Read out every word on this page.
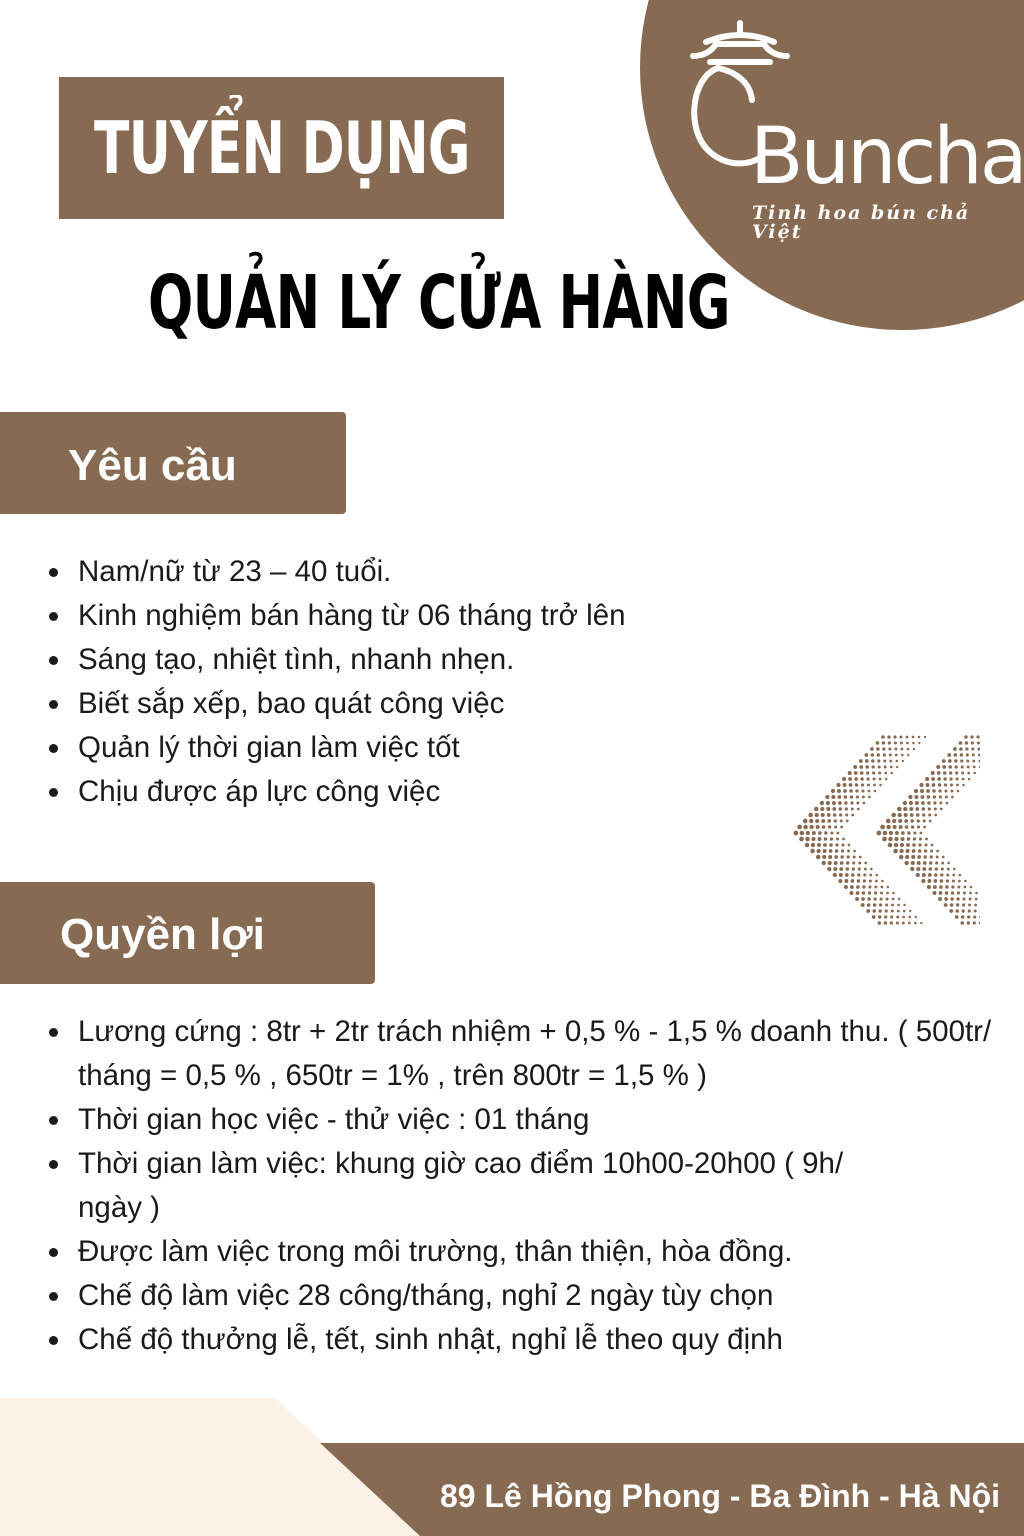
Buncha
Tinh hoa bún chả Việt
TUYỂN DỤNG
QUẢN LÝ CỬA HÀNG
Yêu cầu
Nam/nữ từ 23 – 40 tuổi.
Kinh nghiệm bán hàng từ 06 tháng trở lên
Sáng tạo, nhiệt tình, nhanh nhẹn.
Biết sắp xếp, bao quát công việc
Quản lý thời gian làm việc tốt
Chịu được áp lực công việc
Quyền lợi
Lương cứng : 8tr + 2tr trách nhiệm + 0,5 % - 1,5 % doanh thu. ( 500tr/ tháng = 0,5 % , 650tr = 1% , trên 800tr = 1,5 % )
Thời gian học việc - thử việc : 01 tháng
Thời gian làm việc: khung giờ cao điểm 10h00-20h00 ( 9h/ ngày )
Được làm việc trong môi trường, thân thiện, hòa đồng.
Chế độ làm việc 28 công/tháng, nghỉ 2 ngày tùy chọn
Chế độ thưởng lễ, tết, sinh nhật, nghỉ lễ theo quy định
89 Lê Hồng Phong - Ba Đình - Hà Nội
